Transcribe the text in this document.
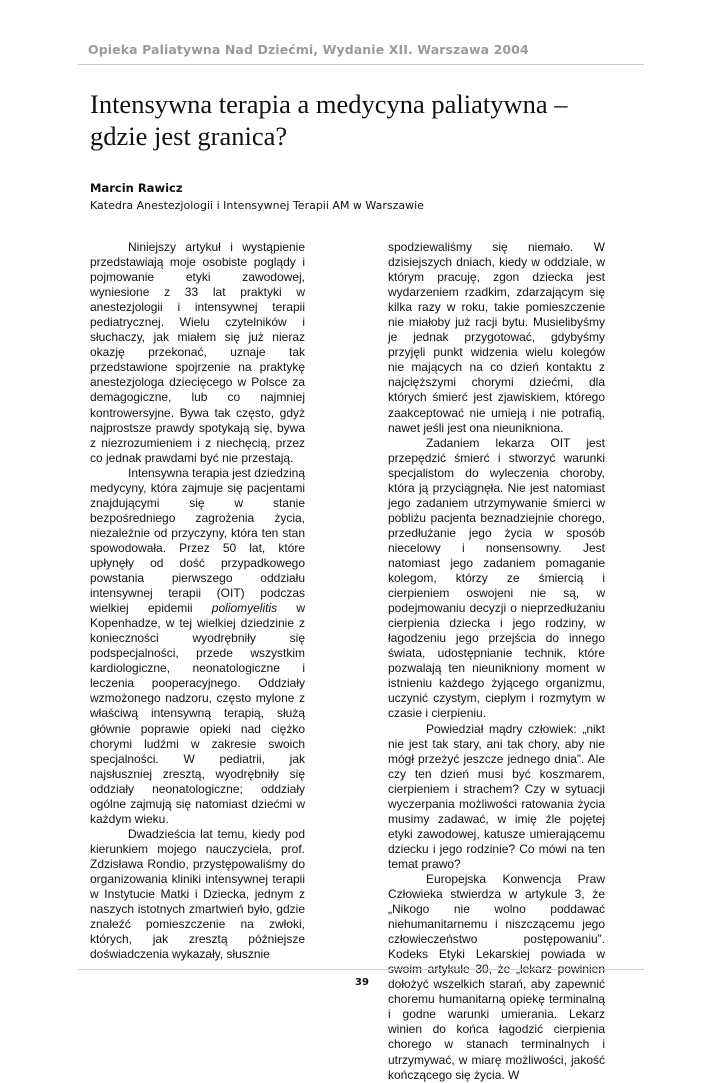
Opieka Paliatywna Nad Dziećmi, Wydanie XII. Warszawa 2004
Intensywna terapia a medycyna paliatywna –
gdzie jest granica?
Marcin Rawicz
Katedra Anestezjologii i Intensywnej Terapii AM w Warszawie

Niniejszy artykuł i wystąpienie przedstawiają moje osobiste poglądy i pojmowanie etyki zawodowej, wyniesione z 33 lat praktyki w anestezjologii i intensywnej terapii pediatrycznej. Wielu czytelników i słuchaczy, jak miałem się już nieraz okazję przekonać, uznaje tak przedstawione spojrzenie na praktykę anestezjologa dziecięcego w Polsce za demagogiczne, lub co najmniej kontrowersyjne. Bywa tak często, gdyż najprostsze prawdy spotykają się, bywa z niezrozumieniem i z niechęcią, przez co jednak prawdami być nie przestają.

Intensywna terapia jest dziedziną medycyny, która zajmuje się pacjentami znajdującymi się w stanie bezpośredniego zagrożenia życia, niezależnie od przyczyny, która ten stan spowodowała. Przez 50 lat, które upłynęły od dość przypadkowego powstania pierwszego oddziału intensywnej terapii (OIT) podczas wielkiej epidemii poliomyelitis w Kopenhadze, w tej wielkiej dziedzinie z konieczności wyodrębniły się podspecjalności, przede wszystkim kardiologiczne, neonatologiczne i leczenia pooperacyjnego. Oddziały wzmożonego nadzoru, często mylone z właściwą intensywną terapią, służą głównie poprawie opieki nad ciężko chorymi ludźmi w zakresie swoich specjalności. W pediatrii, jak najsłuszniej zresztą, wyodrębniły się oddziały neonatologiczne; oddziały ogólne zajmują się natomiast dziećmi w każdym wieku.

Dwadzieścia lat temu, kiedy pod kierunkiem mojego nauczyciela, prof. Zdzisława Rondio, przystępowaliśmy do organizowania kliniki intensywnej terapii w Instytucie Matki i Dziecka, jednym z naszych istotnych zmartwień było, gdzie znaleźć pomieszczenie na zwłoki, których, jak zresztą późniejsze doświadczenia wykazały, słusznie

spodziewaliśmy się niemało. W dzisiejszych dniach, kiedy w oddziale, w którym pracuję, zgon dziecka jest wydarzeniem rzadkim, zdarzającym się kilka razy w roku, takie pomieszczenie nie miałoby już racji bytu. Musielibyśmy je jednak przygotować, gdybyśmy przyjęli punkt widzenia wielu kolegów nie mających na co dzień kontaktu z najcięższymi chorymi dziećmi, dla których śmierć jest zjawiskiem, którego zaakceptować nie umieją i nie potrafią, nawet jeśli jest ona nieunikniona.

Zadaniem lekarza OIT jest przepędzić śmierć i stworzyć warunki specjalistom do wyleczenia choroby, która ją przyciągnęła. Nie jest natomiast jego zadaniem utrzymywanie śmierci w pobliżu pacjenta beznadziejnie chorego, przedłużanie jego życia w sposób niecelowy i nonsensowny. Jest natomiast jego zadaniem pomaganie kolegom, którzy ze śmiercią i cierpieniem oswojeni nie są, w podejmowaniu decyzji o nieprzedłużaniu cierpienia dziecka i jego rodziny, w łagodzeniu jego przejścia do innego świata, udostępnianie technik, które pozwalają ten nieunikniony moment w istnieniu każdego żyjącego organizmu, uczynić czystym, cieplym i rozmytym w czasie i cierpieniu.

Powiedział mądry człowiek: „nikt nie jest tak stary, ani tak chory, aby nie mógł przeżyć jeszcze jednego dnia”. Ale czy ten dzień musi być koszmarem, cierpieniem i strachem? Czy w sytuacji wyczerpania możliwości ratowania życia musimy zadawać, w imię źle pojętej etyki zawodowej, katusze umierającemu dziecku i jego rodzinie? Co mówi na ten temat prawo?

Europejska Konwencja Praw Człowieka stwierdza w artykule 3, że „Nikogo nie wolno poddawać niehumanitarnemu i niszczącemu jego człowieczeństwo postępowaniu”. Kodeks Etyki Lekarskiej powiada w swoim artykule 30, że „lekarz powinien dołożyć wszelkich starań, aby zapewnić choremu humanitarną opiekę terminalną i godne warunki umierania. Lekarz winien do końca łagodzić cierpienia chorego w stanach terminalnych i utrzymywać, w miarę możliwości, jakość kończącego się życia. W

39
